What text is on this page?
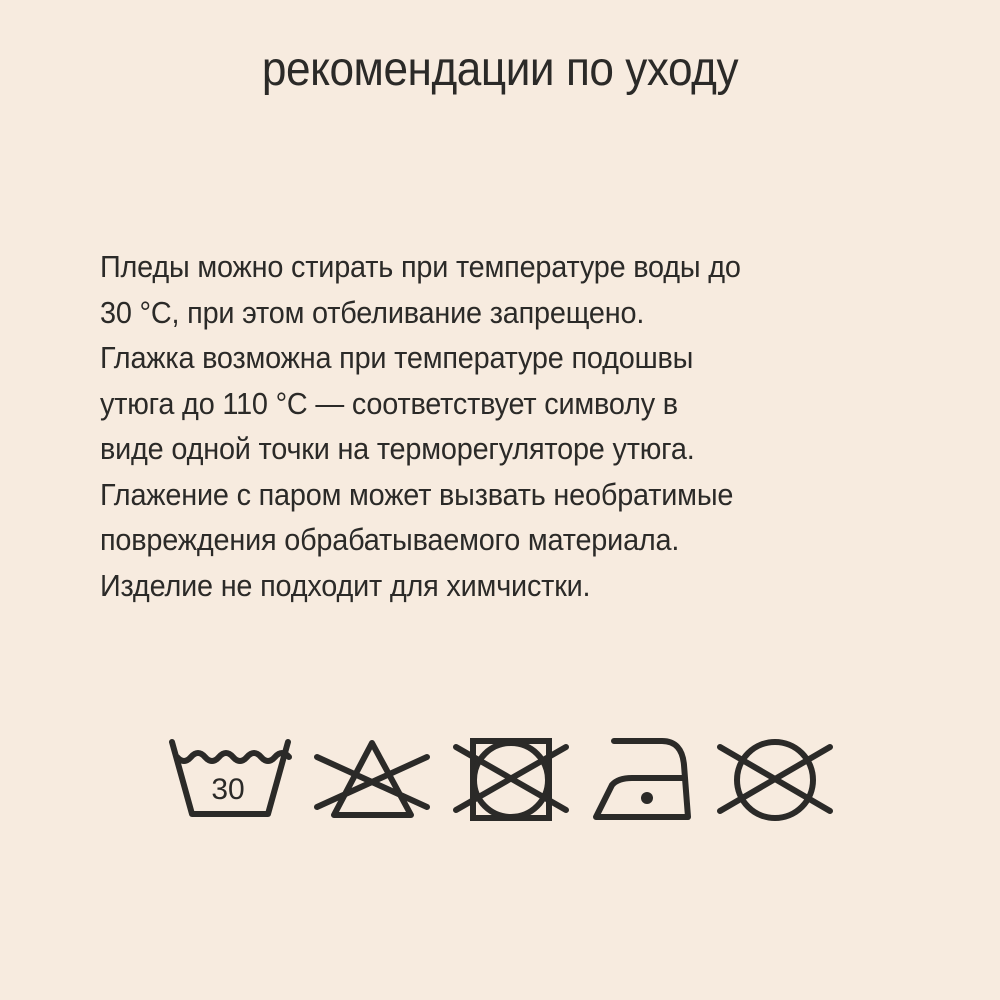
рекомендации по уходу
Пледы можно стирать при температуре воды до
30 °С, при этом отбеливание запрещено.
Глажка возможна при температуре подошвы
утюга до 110 °С — соответствует символу в
виде одной точки на терморегуляторе утюга.
Глажение с паром может вызвать необратимые
повреждения обрабатываемого материала.
Изделие не подходит для химчистки.
30
